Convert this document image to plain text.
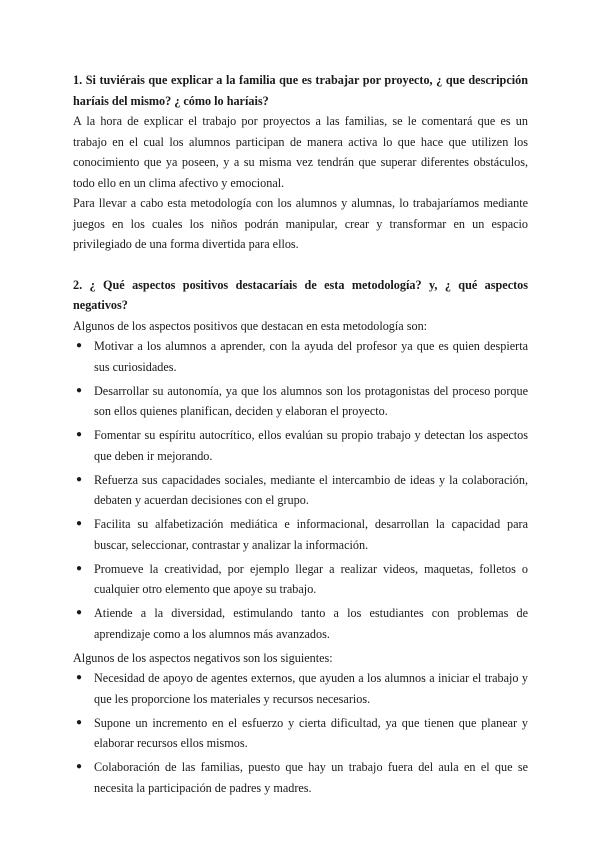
1. Si tuviérais que explicar a la familia que es trabajar por proyecto, ¿ que descripción haríais del mismo? ¿ cómo lo haríais?

A la hora de explicar el trabajo por proyectos a las familias, se le comentará que es un trabajo en el cual los alumnos participan de manera activa lo que hace que utilizen los conocimiento que ya poseen, y a su misma vez tendrán que superar diferentes obstáculos, todo ello en un clima afectivo y emocional.

Para llevar a cabo esta metodología con los alumnos y alumnas, lo trabajaríamos mediante juegos en los cuales los niños podrán manipular, crear y transformar en un espacio privilegiado de una forma divertida para ellos.

2. ¿ Qué aspectos positivos destacaríais de esta metodología? y, ¿ qué aspectos negativos?

Algunos de los aspectos positivos que destacan en esta metodología son:

●
Motivar a los alumnos a aprender, con la ayuda del profesor ya que es quien despierta sus curiosidades.
●
Desarrollar su autonomía, ya que los alumnos son los protagonistas del proceso porque son ellos quienes planifican, deciden y elaboran el proyecto.
●
Fomentar su espíritu autocrítico, ellos evalúan su propio trabajo y detectan los aspectos que deben ir mejorando.
●
Refuerza sus capacidades sociales, mediante el intercambio de ideas y la colaboración, debaten y acuerdan decisiones con el grupo.
●
Facilita su alfabetización mediática e informacional, desarrollan la capacidad para buscar, seleccionar, contrastar y analizar la información.
●
Promueve la creatividad, por ejemplo llegar a realizar videos, maquetas, folletos o cualquier otro elemento que apoye su trabajo.
●
Atiende a la diversidad, estimulando tanto a los estudiantes con problemas de aprendizaje como a los alumnos más avanzados.

Algunos de los aspectos negativos son los siguientes:

●
Necesidad de apoyo de agentes externos, que ayuden a los alumnos a iniciar el trabajo y que les proporcione los materiales y recursos necesarios.
●
Supone un incremento en el esfuerzo y cierta dificultad, ya que tienen que planear y elaborar recursos ellos mismos.
●
Colaboración de las familias, puesto que hay un trabajo fuera del aula en el que se necesita la participación de padres y madres.
